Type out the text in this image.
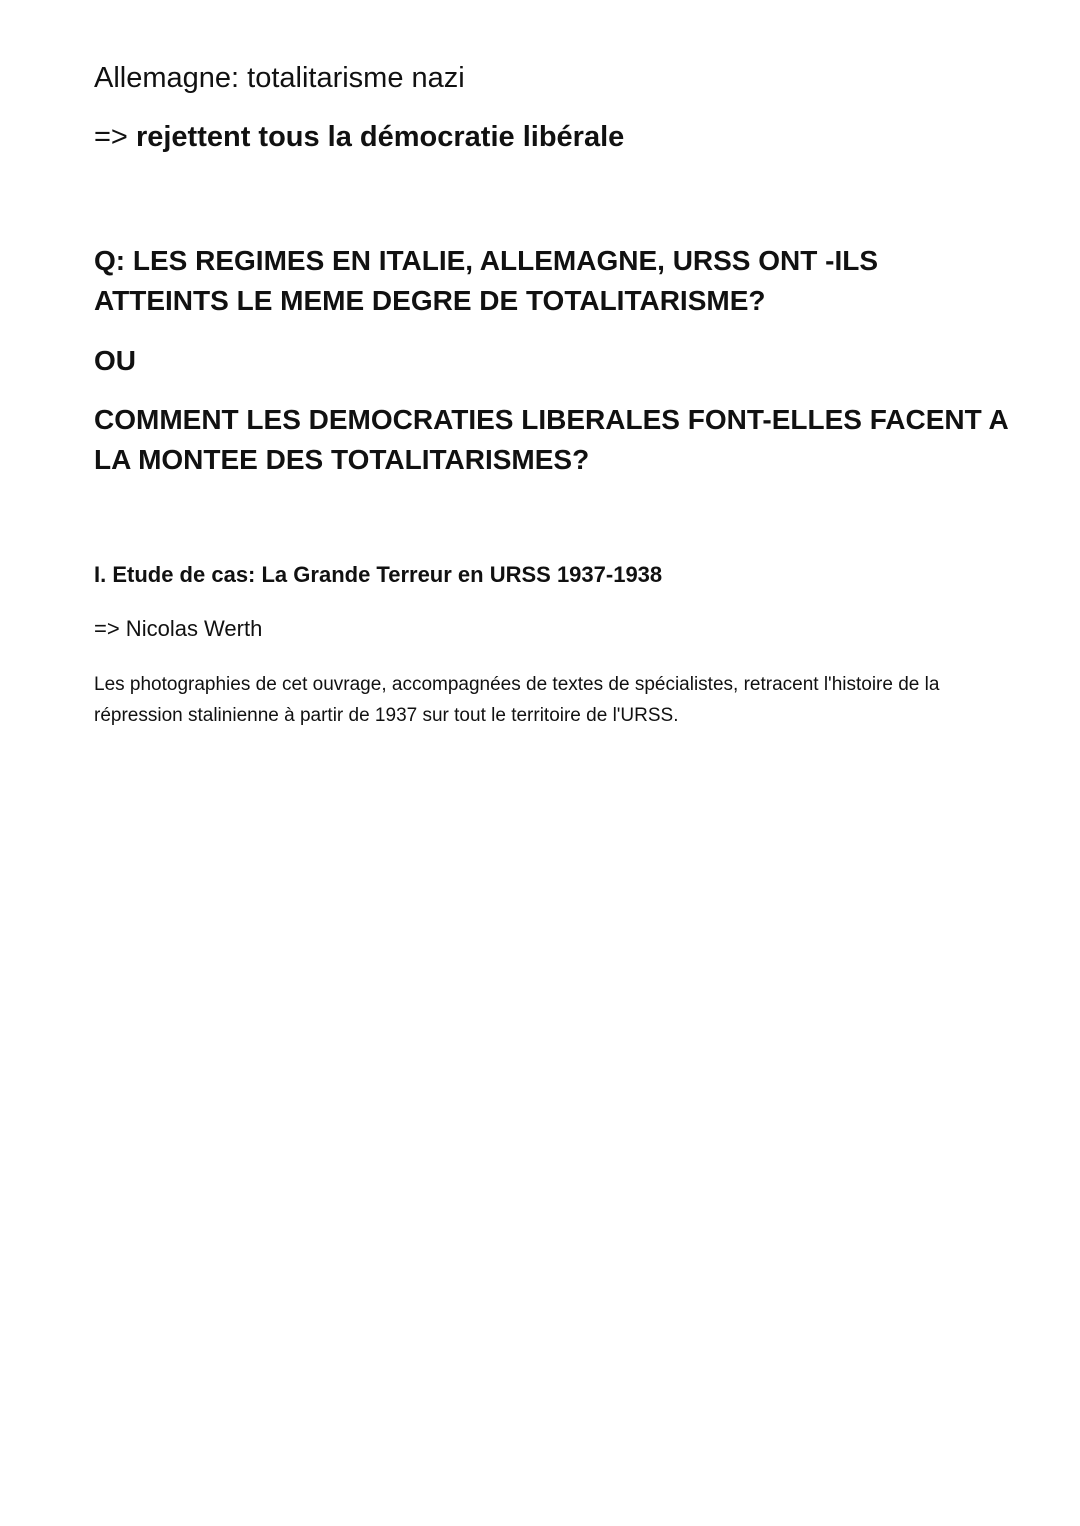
Allemagne: totalitarisme nazi

=> rejettent tous la démocratie libérale

Q: LES REGIMES EN ITALIE, ALLEMAGNE, URSS ONT -ILS ATTEINTS LE MEME DEGRE DE TOTALITARISME?

OU

COMMENT LES DEMOCRATIES LIBERALES FONT-ELLES FACENT A LA MONTEE DES TOTALITARISMES?

I. Etude de cas: La Grande Terreur en URSS 1937-1938

=> Nicolas Werth

Les photographies de cet ouvrage, accompagnées de textes de spécialistes, retracent l'histoire de la répression stalinienne à partir de 1937 sur tout le territoire de l'URSS.
